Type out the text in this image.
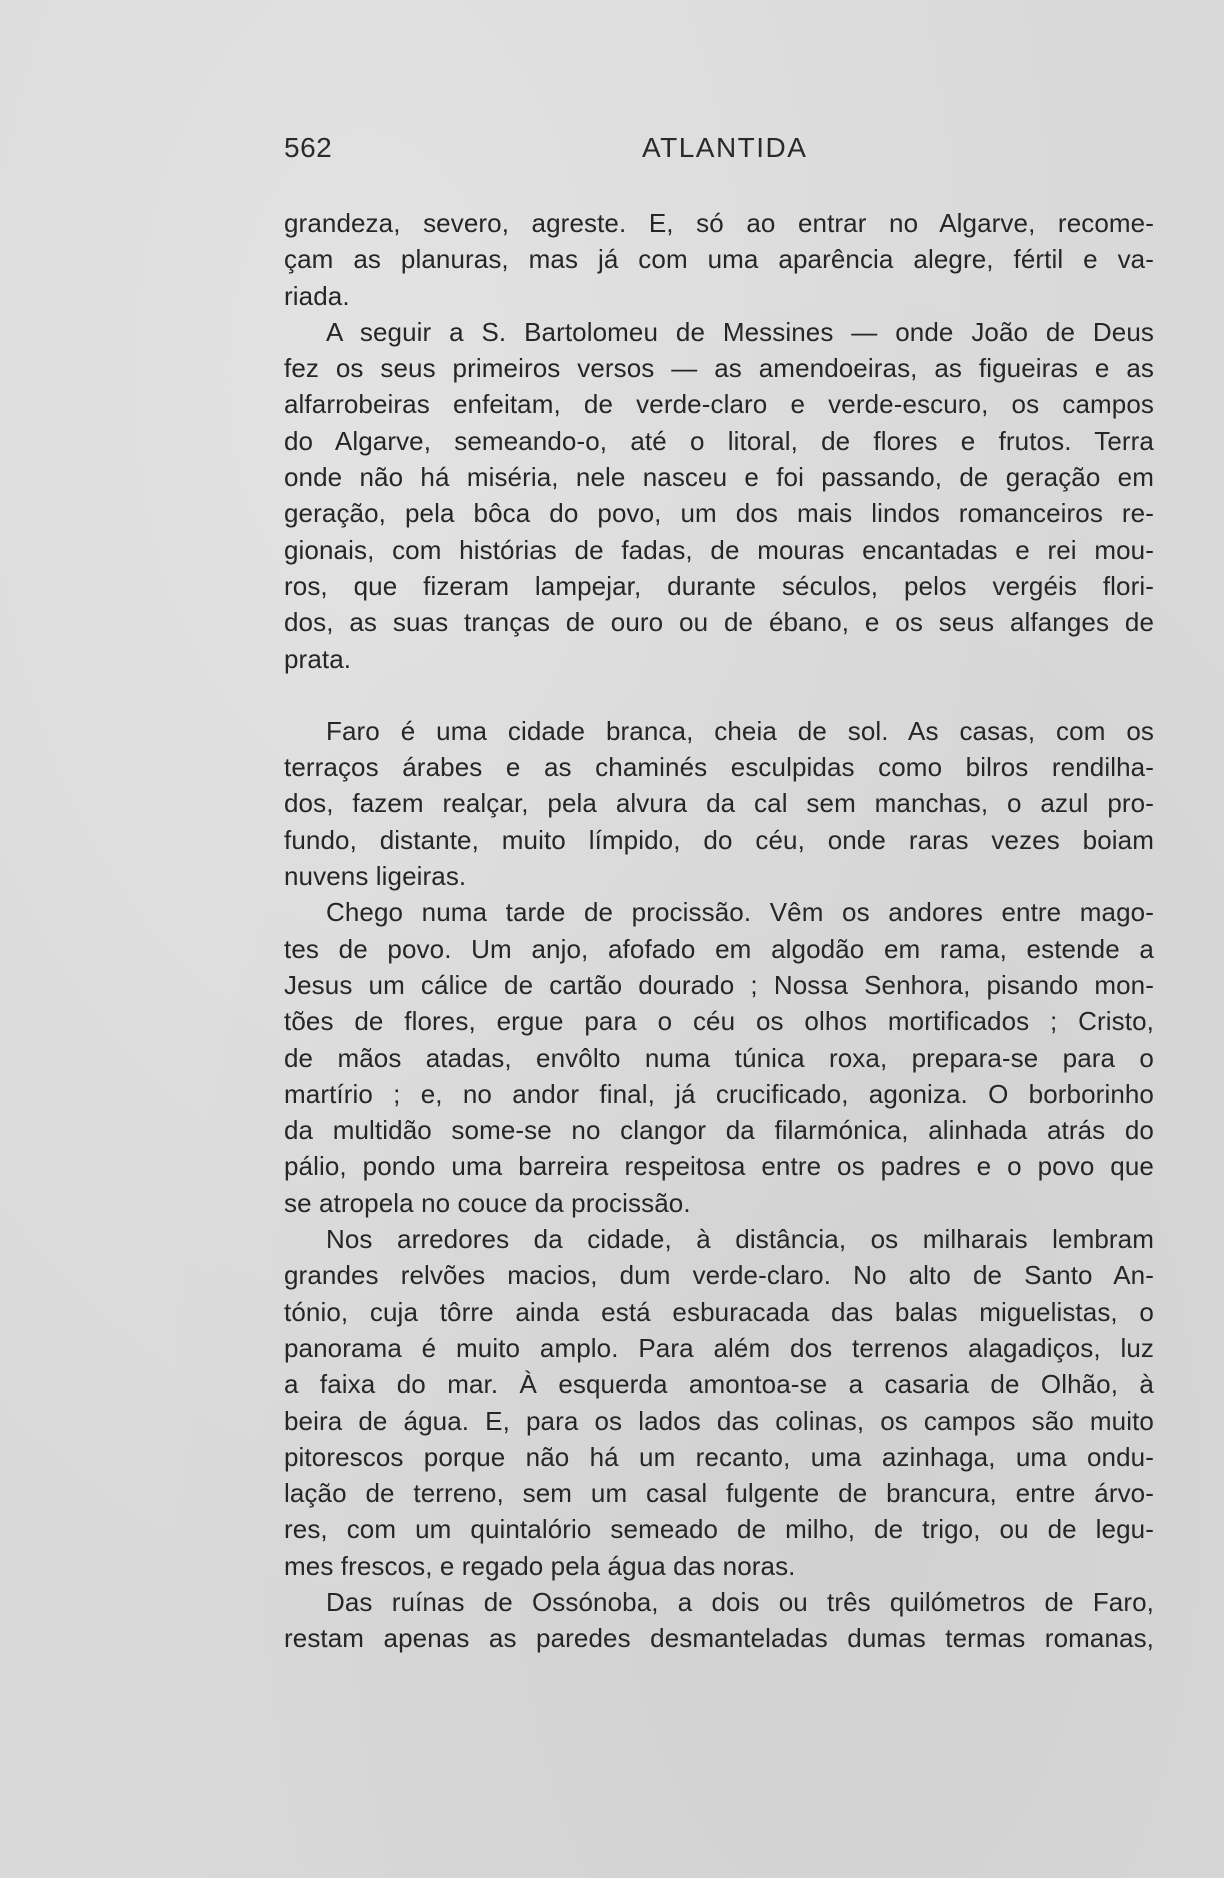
562	ATLANTIDA
grandeza, severo, agreste. E, só ao entrar no Algarve, recome-
çam as planuras, mas já com uma aparência alegre, fértil e va-
riada.
A seguir a S. Bartolomeu de Messines — onde João de Deus
fez os seus primeiros versos — as amendoeiras, as figueiras e as
alfarrobeiras enfeitam, de verde-claro e verde-escuro, os campos
do Algarve, semeando-o, até o litoral, de flores e frutos. Terra
onde não há miséria, nele nasceu e foi passando, de geração em
geração, pela bôca do povo, um dos mais lindos romanceiros re-
gionais, com histórias de fadas, de mouras encantadas e rei mou-
ros, que fizeram lampejar, durante séculos, pelos vergéis flori-
dos, as suas tranças de ouro ou de ébano, e os seus alfanges de
prata.
Faro é uma cidade branca, cheia de sol. As casas, com os
terraços árabes e as chaminés esculpidas como bilros rendilha-
dos, fazem realçar, pela alvura da cal sem manchas, o azul pro-
fundo, distante, muito límpido, do céu, onde raras vezes boiam
nuvens ligeiras.
Chego numa tarde de procissão. Vêm os andores entre mago-
tes de povo. Um anjo, afofado em algodão em rama, estende a
Jesus um cálice de cartão dourado ; Nossa Senhora, pisando mon-
tões de flores, ergue para o céu os olhos mortificados ; Cristo,
de mãos atadas, envôlto numa túnica roxa, prepara-se para o
martírio ; e, no andor final, já crucificado, agoniza. O borborinho
da multidão some-se no clangor da filarmónica, alinhada atrás do
pálio, pondo uma barreira respeitosa entre os padres e o povo que
se atropela no couce da procissão.
Nos arredores da cidade, à distância, os milharais lembram
grandes relvões macios, dum verde-claro. No alto de Santo An-
tónio, cuja tôrre ainda está esburacada das balas miguelistas, o
panorama é muito amplo. Para além dos terrenos alagadiços, luz
a faixa do mar. À esquerda amontoa-se a casaria de Olhão, à
beira de água. E, para os lados das colinas, os campos são muito
pitorescos porque não há um recanto, uma azinhaga, uma ondu-
lação de terreno, sem um casal fulgente de brancura, entre árvo-
res, com um quintalório semeado de milho, de trigo, ou de legu-
mes frescos, e regado pela água das noras.
Das ruínas de Ossónoba, a dois ou três quilómetros de Faro,
restam apenas as paredes desmanteladas dumas termas romanas,
